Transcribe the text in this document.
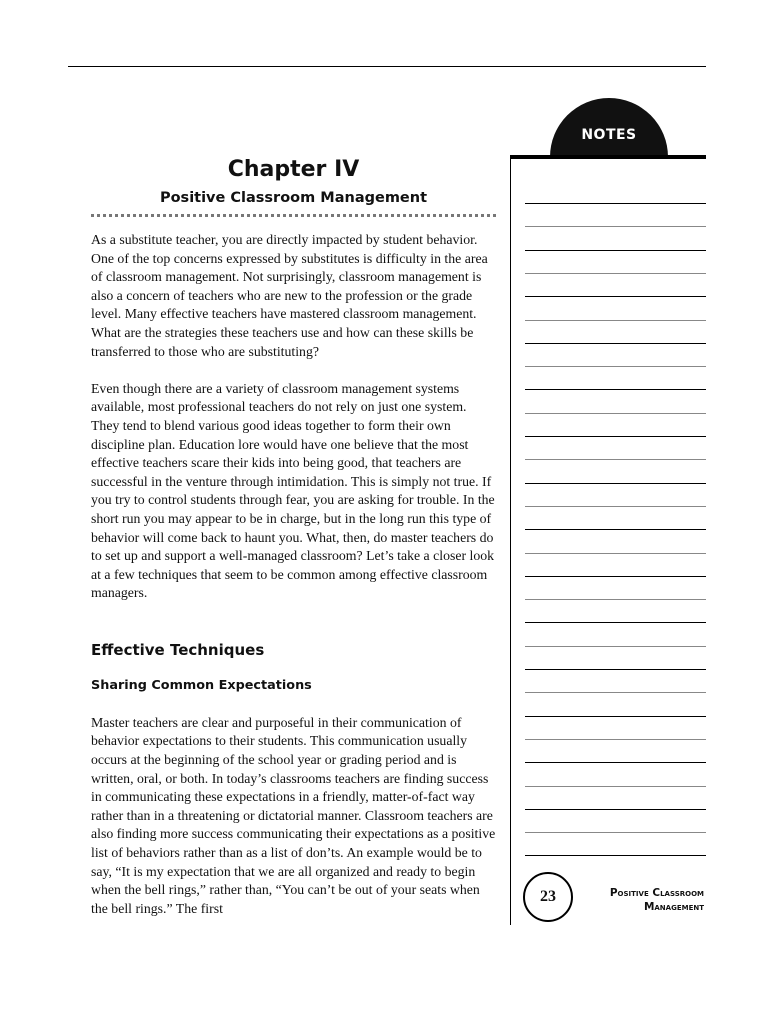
Chapter IV
Positive Classroom Management

As a substitute teacher, you are directly impacted by student behavior. One of the top concerns expressed by substitutes is difficulty in the area of classroom management. Not surprisingly, classroom management is also a concern of teachers who are new to the profession or the grade level. Many effective teachers have mastered classroom management. What are the strategies these teachers use and how can these skills be transferred to those who are substituting?

Even though there are a variety of classroom management systems available, most professional teachers do not rely on just one system. They tend to blend various good ideas together to form their own discipline plan. Education lore would have one believe that the most effective teachers scare their kids into being good, that teachers are successful in the venture through intimidation. This is simply not true. If you try to control students through fear, you are asking for trouble. In the short run you may appear to be in charge, but in the long run this type of behavior will come back to haunt you. What, then, do master teachers do to set up and support a well-managed classroom? Let’s take a closer look at a few techniques that seem to be common among effective classroom managers.

Effective Techniques
Sharing Common Expectations

Master teachers are clear and purposeful in their communication of behavior expectations to their students. This communication usually occurs at the beginning of the school year or grading period and is written, oral, or both. In today’s classrooms teachers are finding success in communicating these expectations in a friendly, matter-of-fact way rather than in a threatening or dictatorial manner. Classroom teachers are also finding more success communicating their expectations as a positive list of behaviors rather than as a list of don’ts. An example would be to say, “It is my expectation that we are all organized and ready to begin when the bell rings,” rather than, “You can’t be out of your seats when the bell rings.” The first

NOTES
23	Positive Classroom
Management
